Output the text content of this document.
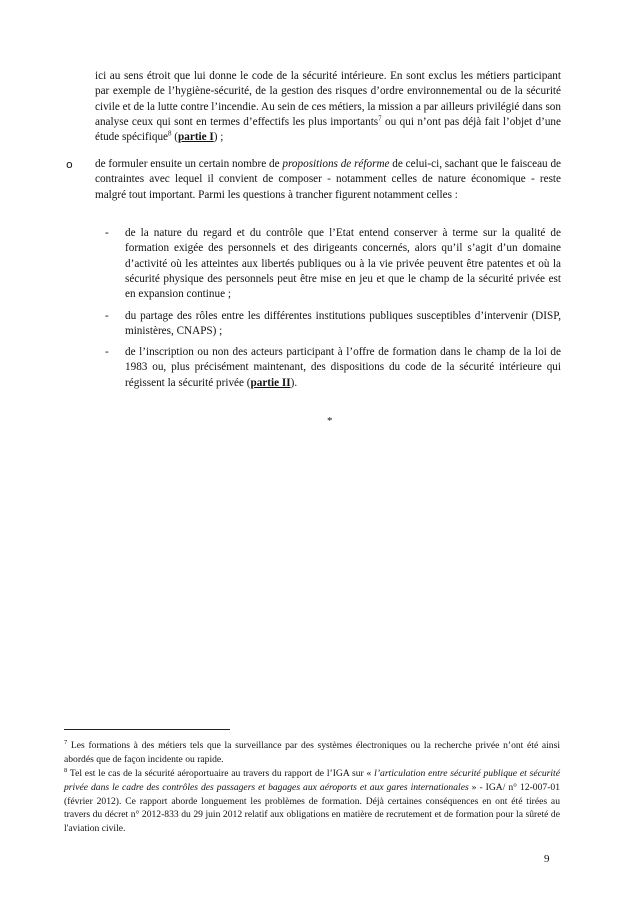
ici au sens étroit que lui donne le code de la sécurité intérieure. En sont exclus les métiers participant par exemple de l’hygiène-sécurité, de la gestion des risques d’ordre environnemental ou de la sécurité civile et de la lutte contre l’incendie. Au sein de ces métiers, la mission a par ailleurs privilégié dans son analyse ceux qui sont en termes d’effectifs les plus importants$^7$ ou qui n’ont pas déjà fait l’objet d’une étude spécifique$^8$ (partie I) ;
o de formuler ensuite un certain nombre de propositions de réforme de celui-ci, sachant que le faisceau de contraintes avec lequel il convient de composer - notamment celles de nature économique - reste malgré tout important. Parmi les questions à trancher figurent notamment celles :
- de la nature du regard et du contrôle que l’Etat entend conserver à terme sur la qualité de formation exigée des personnels et des dirigeants concernés, alors qu’il s’agit d’un domaine d’activité où les atteintes aux libertés publiques ou à la vie privée peuvent être patentes et où la sécurité physique des personnels peut être mise en jeu et que le champ de la sécurité privée est en expansion continue ;
- du partage des rôles entre les différentes institutions publiques susceptibles d’intervenir (DISP, ministères, CNAPS) ;
- de l’inscription ou non des acteurs participant à l’offre de formation dans le champ de la loi de 1983 ou, plus précisément maintenant, des dispositions du code de la sécurité intérieure qui régissent la sécurité privée (partie II).
*
$^7$ Les formations à des métiers tels que la surveillance par des systèmes électroniques ou la recherche privée n’ont été ainsi abordés que de façon incidente ou rapide.
$^8$ Tel est le cas de la sécurité aéroportuaire au travers du rapport de l’IGA sur « l’articulation entre sécurité publique et sécurité privée dans le cadre des contrôles des passagers et bagages aux aéroports et aux gares internationales » - IGA/ n° 12-007-01 (février 2012). Ce rapport aborde longuement les problèmes de formation. Déjà certaines conséquences en ont été tirées au travers du décret n° 2012-833 du 29 juin 2012 relatif aux obligations en matière de recrutement et de formation pour la sûreté de l'aviation civile.
9
